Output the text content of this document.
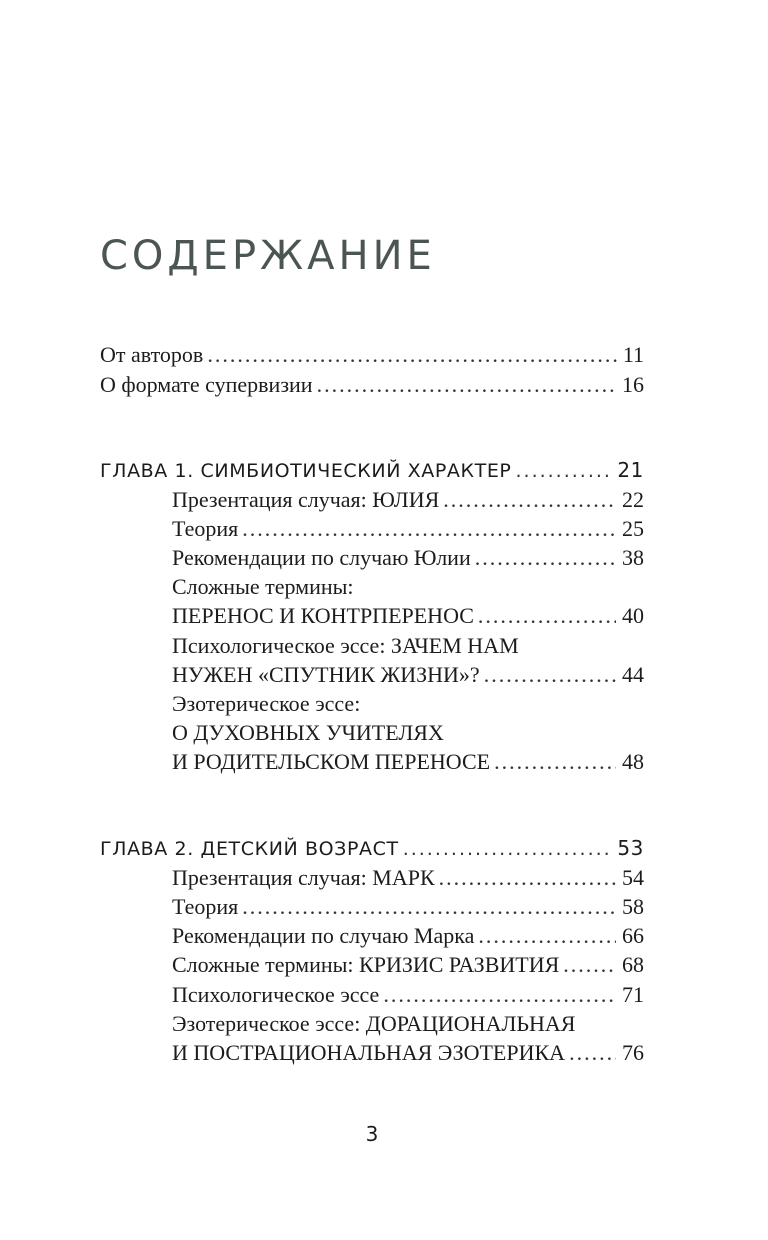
СОДЕРЖАНИЕ
От авторов .....	11
О формате супервизии .....	16
ГЛАВА 1. СИМБИОТИЧЕСКИЙ ХАРАКТЕР .....	21
Презентация случая: ЮЛИЯ .....	22
Теория .....	25
Рекомендации по случаю Юлии .....	38
Сложные термины:
ПЕРЕНОС И КОНТРПЕРЕНОС .....	40
Психологическое эссе: ЗАЧЕМ НАМ
НУЖЕН «СПУТНИК ЖИЗНИ»? .....	44
Эзотерическое эссе:
О ДУХОВНЫХ УЧИТЕЛЯХ
И РОДИТЕЛЬСКОМ ПЕРЕНОСЕ .....	48
ГЛАВА 2. ДЕТСКИЙ ВОЗРАСТ .....	53
Презентация случая: МАРК .....	54
Теория .....	58
Рекомендации по случаю Марка .....	66
Сложные термины: КРИЗИС РАЗВИТИЯ .....	68
Психологическое эссе .....	71
Эзотерическое эссе: ДОРАЦИОНАЛЬНАЯ
И ПОСТРАЦИОНАЛЬНАЯ ЭЗОТЕРИКА .....	76
3
